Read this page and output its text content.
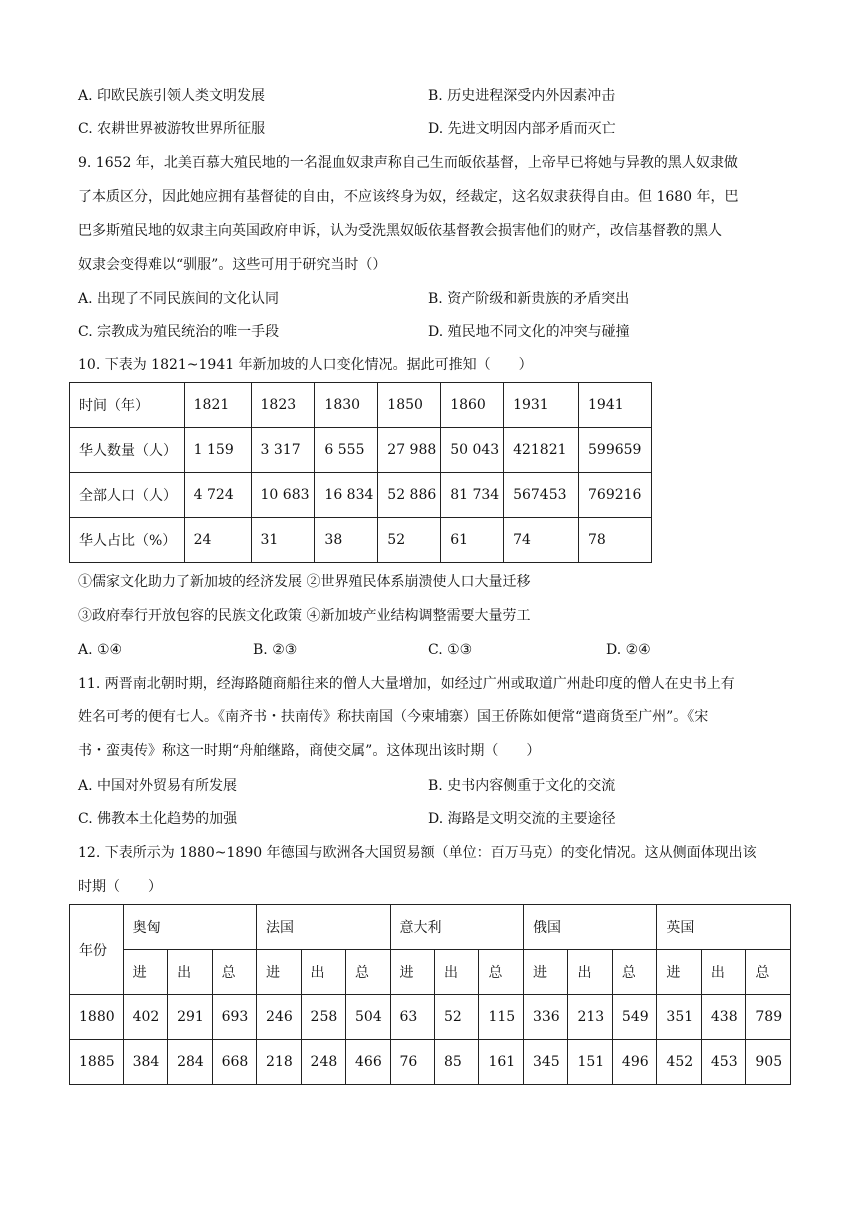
A. 印欧民族引领人类文明发展	B. 历史进程深受内外因素冲击
C. 农耕世界被游牧世界所征服	D. 先进文明因内部矛盾而灭亡
9. 1652 年，北美百慕大殖民地的一名混血奴隶声称自己生而皈依基督，上帝早已将她与异教的黑人奴隶做
了本质区分，因此她应拥有基督徒的自由，不应该终身为奴，经裁定，这名奴隶获得自由。但 1680 年，巴
巴多斯殖民地的奴隶主向英国政府申诉，认为受洗黑奴皈依基督教会损害他们的财产，改信基督教的黑人
奴隶会变得难以“驯服”。这些可用于研究当时（）
A. 出现了不同民族间的文化认同	B. 资产阶级和新贵族的矛盾突出
C. 宗教成为殖民统治的唯一手段	D. 殖民地不同文化的冲突与碰撞
10. 下表为 1821~1941 年新加坡的人口变化情况。据此可推知（　　）
时间（年）	1821	1823	1830	1850	1860	1931	1941
华人数量（人）	1 159	3 317	6 555	27 988	50 043	421821	599659
全部人口（人）	4 724	10 683	16 834	52 886	81 734	567453	769216
华人占比（%）	24	31	38	52	61	74	78
①儒家文化助力了新加坡的经济发展 ②世界殖民体系崩溃使人口大量迁移
③政府奉行开放包容的民族文化政策 ④新加坡产业结构调整需要大量劳工
A. ①④	B. ②③	C. ①③	D. ②④
11. 两晋南北朝时期，经海路随商船往来的僧人大量增加，如经过广州或取道广州赴印度的僧人在史书上有
姓名可考的便有七人。《南齐书・扶南传》称扶南国（今柬埔寨）国王侨陈如便常“遣商货至广州”。《宋
书・蛮夷传》称这一时期“舟舶继路，商使交属”。这体现出该时期（　　）
A. 中国对外贸易有所发展	B. 史书内容侧重于文化的交流
C. 佛教本土化趋势的加强	D. 海路是文明交流的主要途径
12. 下表所示为 1880~1890 年德国与欧洲各大国贸易额（单位：百万马克）的变化情况。这从侧面体现出该
时期（　　）
年份	奥匈			法国			意大利			俄国			英国		
	进	出	总	进	出	总	进	出	总	进	出	总	进	出	总
1880	402	291	693	246	258	504	63	52	115	336	213	549	351	438	789
1885	384	284	668	218	248	466	76	85	161	345	151	496	452	453	905
